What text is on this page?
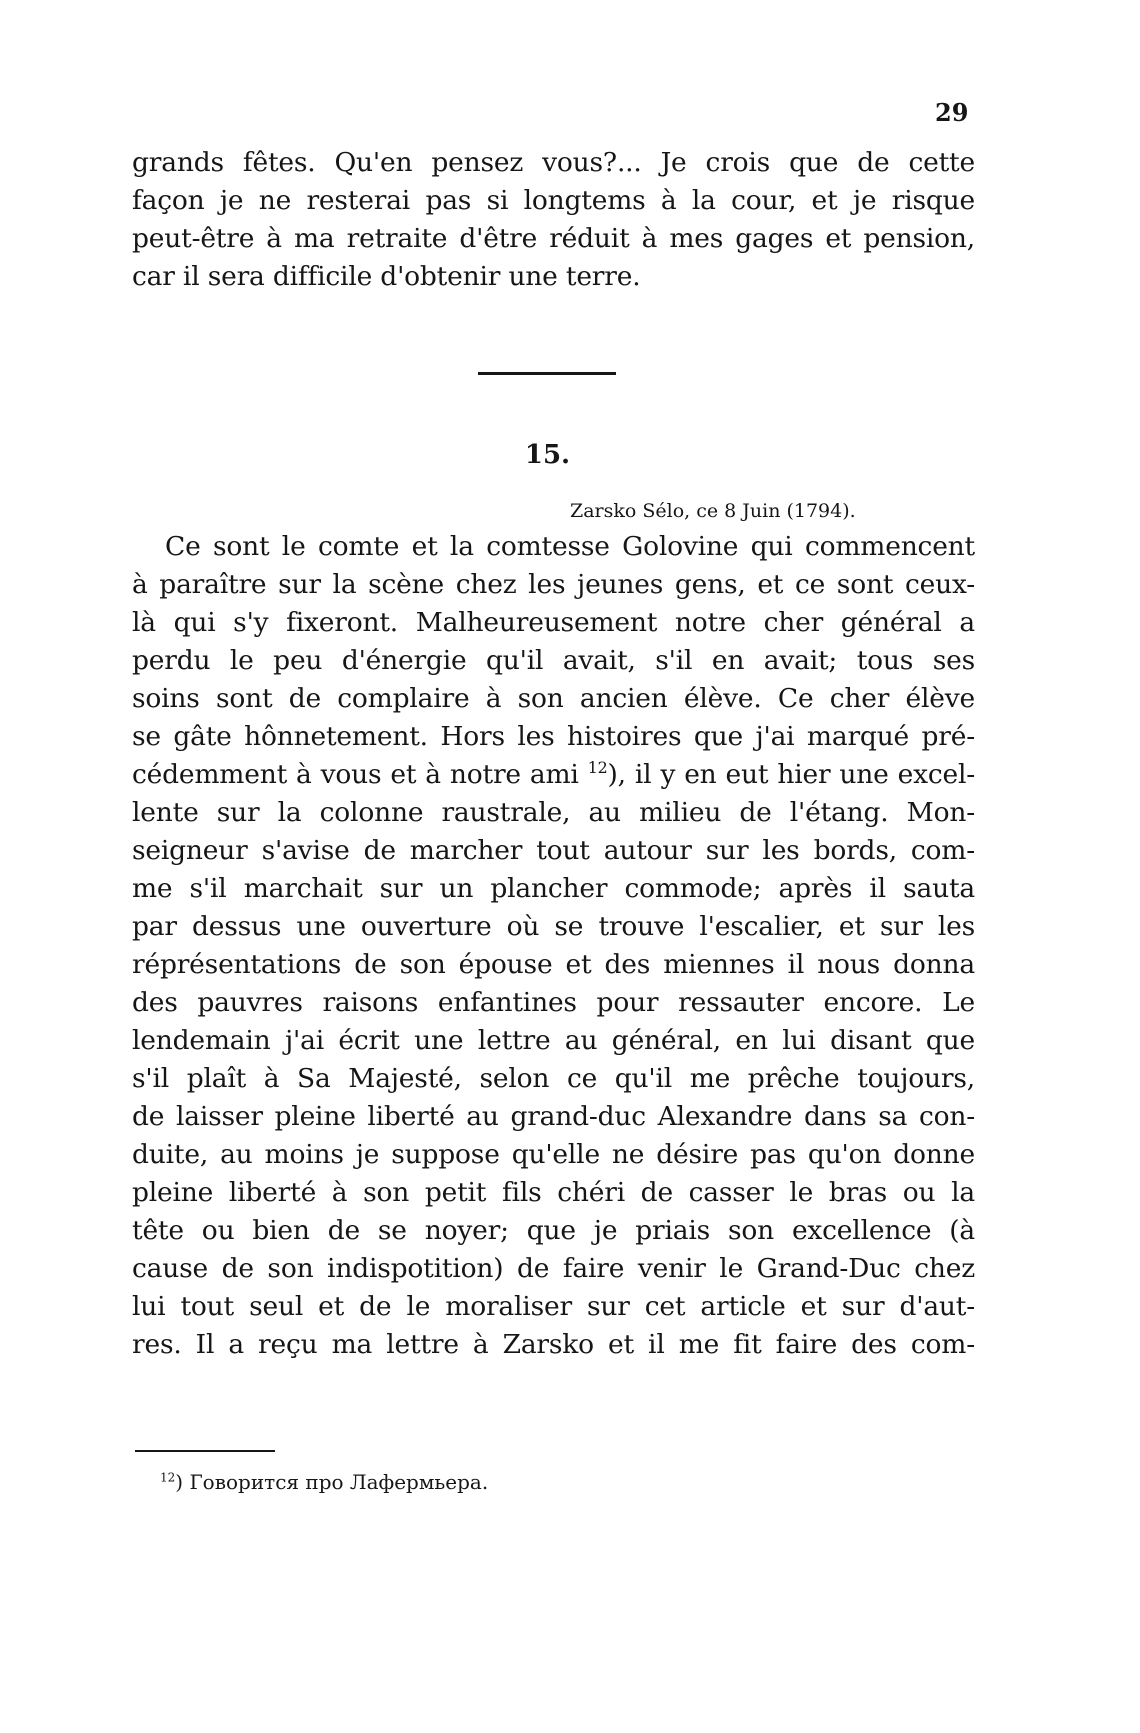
29
grands fêtes. Qu'en pensez vous?... Je crois que de cette
façon je ne resterai pas si longtems à la cour, et je risque
peut-être à ma retraite d'être réduit à mes gages et pension,
car il sera difficile d'obtenir une terre.
15.
Zarsko Sélo, ce 8 Juin (1794).
Ce sont le comte et la comtesse Golovine qui commencent
à paraître sur la scène chez les jeunes gens, et ce sont ceux-
là qui s'y fixeront. Malheureusement notre cher général a
perdu le peu d'énergie qu'il avait, s'il en avait; tous ses
soins sont de complaire à son ancien élève. Ce cher élève
se gâte hônnetement. Hors les histoires que j'ai marqué pré-
cédemment à vous et à notre ami $^{12}$), il y en eut hier une excel-
lente sur la colonne raustrale, au milieu de l'étang. Mon-
seigneur s'avise de marcher tout autour sur les bords, com-
me s'il marchait sur un plancher commode; après il sauta
par dessus une ouverture où se trouve l'escalier, et sur les
réprésentations de son épouse et des miennes il nous donna
des pauvres raisons enfantines pour ressauter encore. Le
lendemain j'ai écrit une lettre au général, en lui disant que
s'il plaît à Sa Majesté, selon ce qu'il me prêche toujours,
de laisser pleine liberté au grand-duc Alexandre dans sa con-
duite, au moins je suppose qu'elle ne désire pas qu'on donne
pleine liberté à son petit fils chéri de casser le bras ou la
tête ou bien de se noyer; que je priais son excellence (à
cause de son indispotition) de faire venir le Grand-Duc chez
lui tout seul et de le moraliser sur cet article et sur d'aut-
res. Il a reçu ma lettre à Zarsko et il me fit faire des com-
$^{12}$) Говорится про Лафермьера.
